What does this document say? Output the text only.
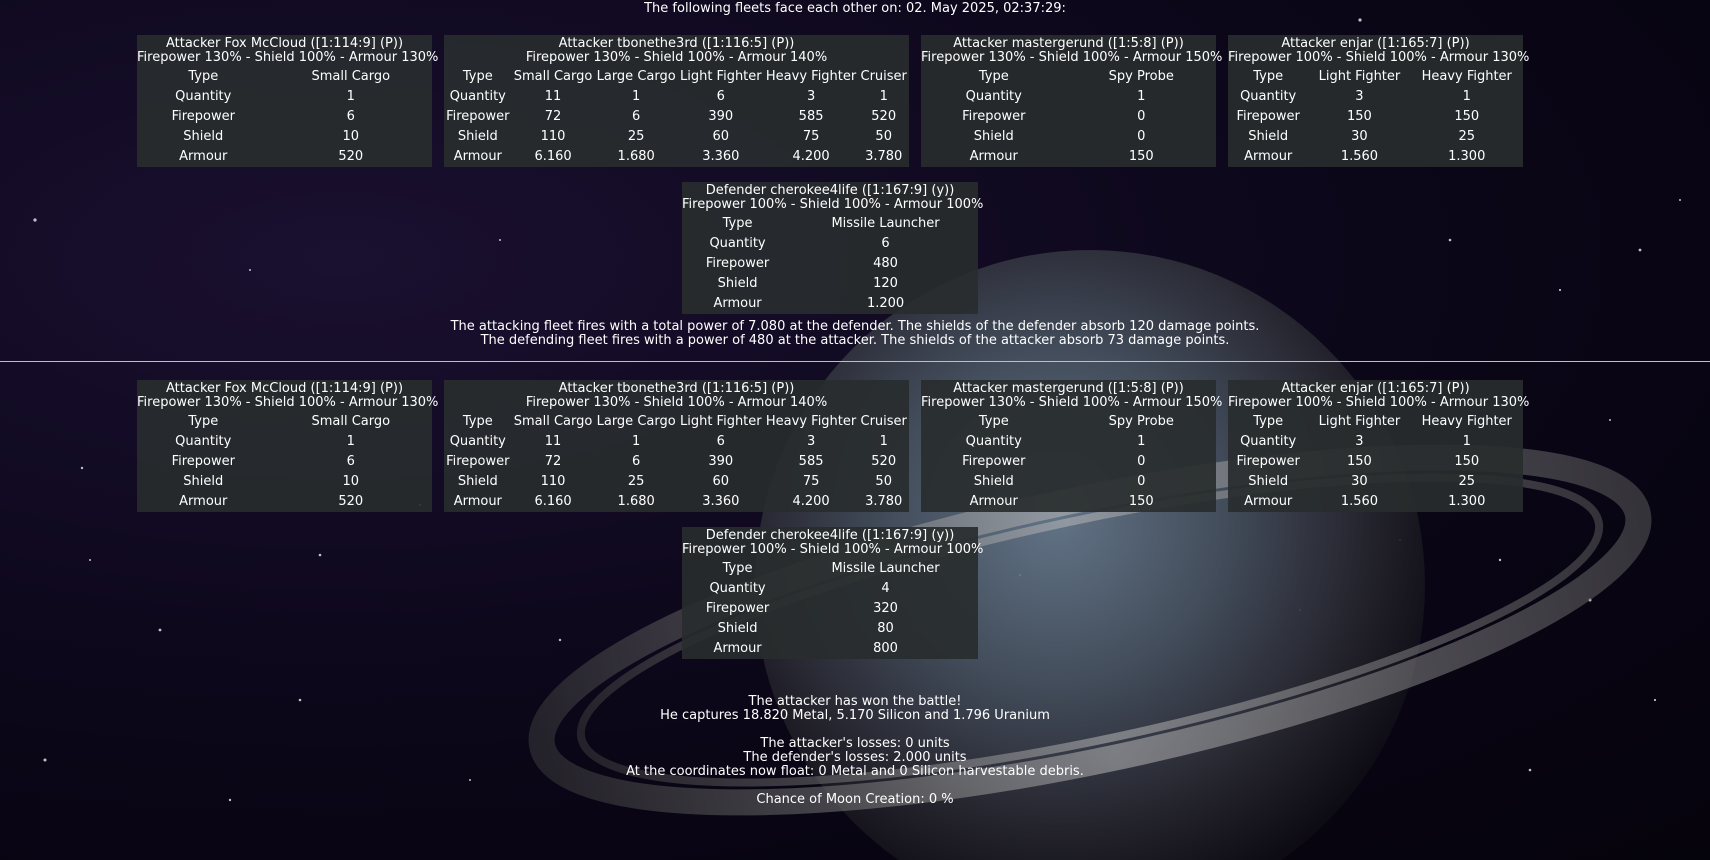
The following fleets face each other on: 02. May 2025, 02:37:29:
Attacker Fox McCloud ([1:114:9] (P))
Firepower 130% - Shield 100% - Armour 130%
Type	Small Cargo
Quantity	1
Firepower	6
Shield	10
Armour	520
Attacker tbonethe3rd ([1:116:5] (P))
Firepower 130% - Shield 100% - Armour 140%
Type	Small Cargo	Large Cargo	Light Fighter	Heavy Fighter	Cruiser
Quantity	11	1	6	3	1
Firepower	72	6	390	585	520
Shield	110	25	60	75	50
Armour	6.160	1.680	3.360	4.200	3.780
Attacker mastergerund ([1:5:8] (P))
Firepower 130% - Shield 100% - Armour 150%
Type	Spy Probe
Quantity	1
Firepower	0
Shield	0
Armour	150
Attacker enjar ([1:165:7] (P))
Firepower 100% - Shield 100% - Armour 130%
Type	Light Fighter	Heavy Fighter
Quantity	3	1
Firepower	150	150
Shield	30	25
Armour	1.560	1.300
Defender cherokee4life ([1:167:9] (y))
Firepower 100% - Shield 100% - Armour 100%
Type	Missile Launcher
Quantity	6
Firepower	480
Shield	120
Armour	1.200
The attacking fleet fires with a total power of 7.080 at the defender. The shields of the defender absorb 120 damage points.
The defending fleet fires with a power of 480 at the attacker. The shields of the attacker absorb 73 damage points.
Attacker Fox McCloud ([1:114:9] (P))
Firepower 130% - Shield 100% - Armour 130%
Type	Small Cargo
Quantity	1
Firepower	6
Shield	10
Armour	520
Attacker tbonethe3rd ([1:116:5] (P))
Firepower 130% - Shield 100% - Armour 140%
Type	Small Cargo	Large Cargo	Light Fighter	Heavy Fighter	Cruiser
Quantity	11	1	6	3	1
Firepower	72	6	390	585	520
Shield	110	25	60	75	50
Armour	6.160	1.680	3.360	4.200	3.780
Attacker mastergerund ([1:5:8] (P))
Firepower 130% - Shield 100% - Armour 150%
Type	Spy Probe
Quantity	1
Firepower	0
Shield	0
Armour	150
Attacker enjar ([1:165:7] (P))
Firepower 100% - Shield 100% - Armour 130%
Type	Light Fighter	Heavy Fighter
Quantity	3	1
Firepower	150	150
Shield	30	25
Armour	1.560	1.300
Defender cherokee4life ([1:167:9] (y))
Firepower 100% - Shield 100% - Armour 100%
Type	Missile Launcher
Quantity	4
Firepower	320
Shield	80
Armour	800
The attacker has won the battle!
He captures 18.820 Metal, 5.170 Silicon and 1.796 Uranium
The attacker's losses: 0 units
The defender's losses: 2.000 units
At the coordinates now float: 0 Metal and 0 Silicon harvestable debris.
Chance of Moon Creation: 0 %
